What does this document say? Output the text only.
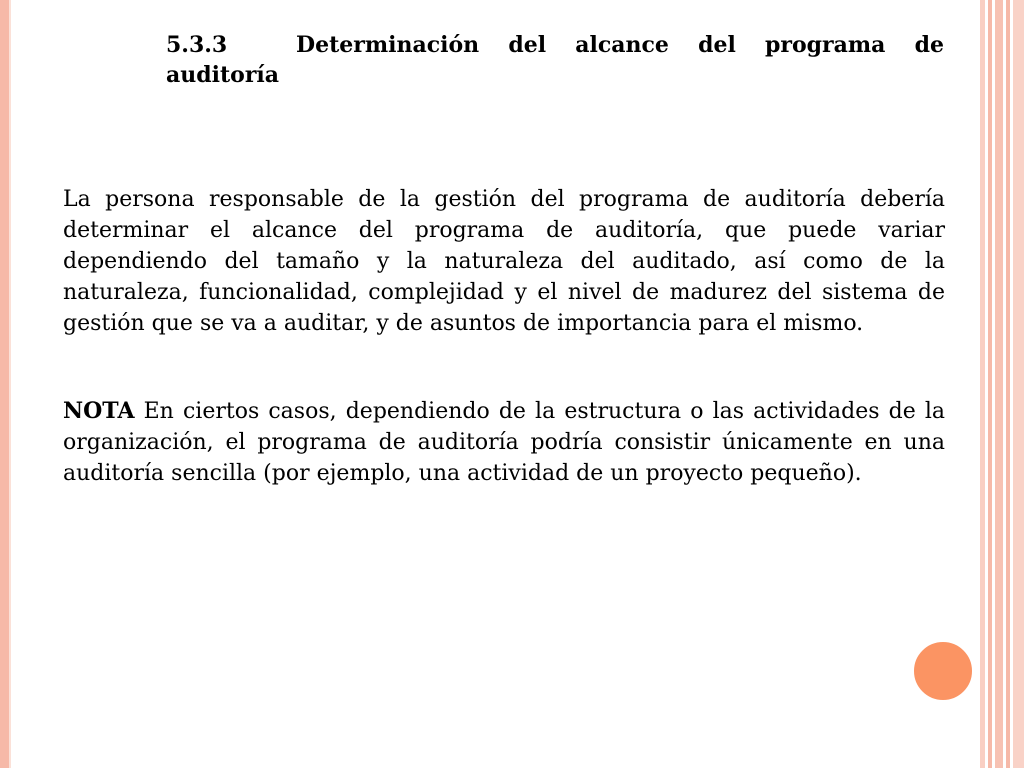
5.3.3	Determinación del alcance del programa de auditoría

La persona responsable de la gestión del programa de auditoría debería determinar el alcance del programa de auditoría, que puede variar dependiendo del tamaño y la naturaleza del auditado, así como de la naturaleza, funcionalidad, complejidad y el nivel de madurez del sistema de gestión que se va a auditar, y de asuntos de importancia para el mismo.

NOTA En ciertos casos, dependiendo de la estructura o las actividades de la organización, el programa de auditoría podría consistir únicamente en una auditoría sencilla (por ejemplo, una actividad de un proyecto pequeño).
